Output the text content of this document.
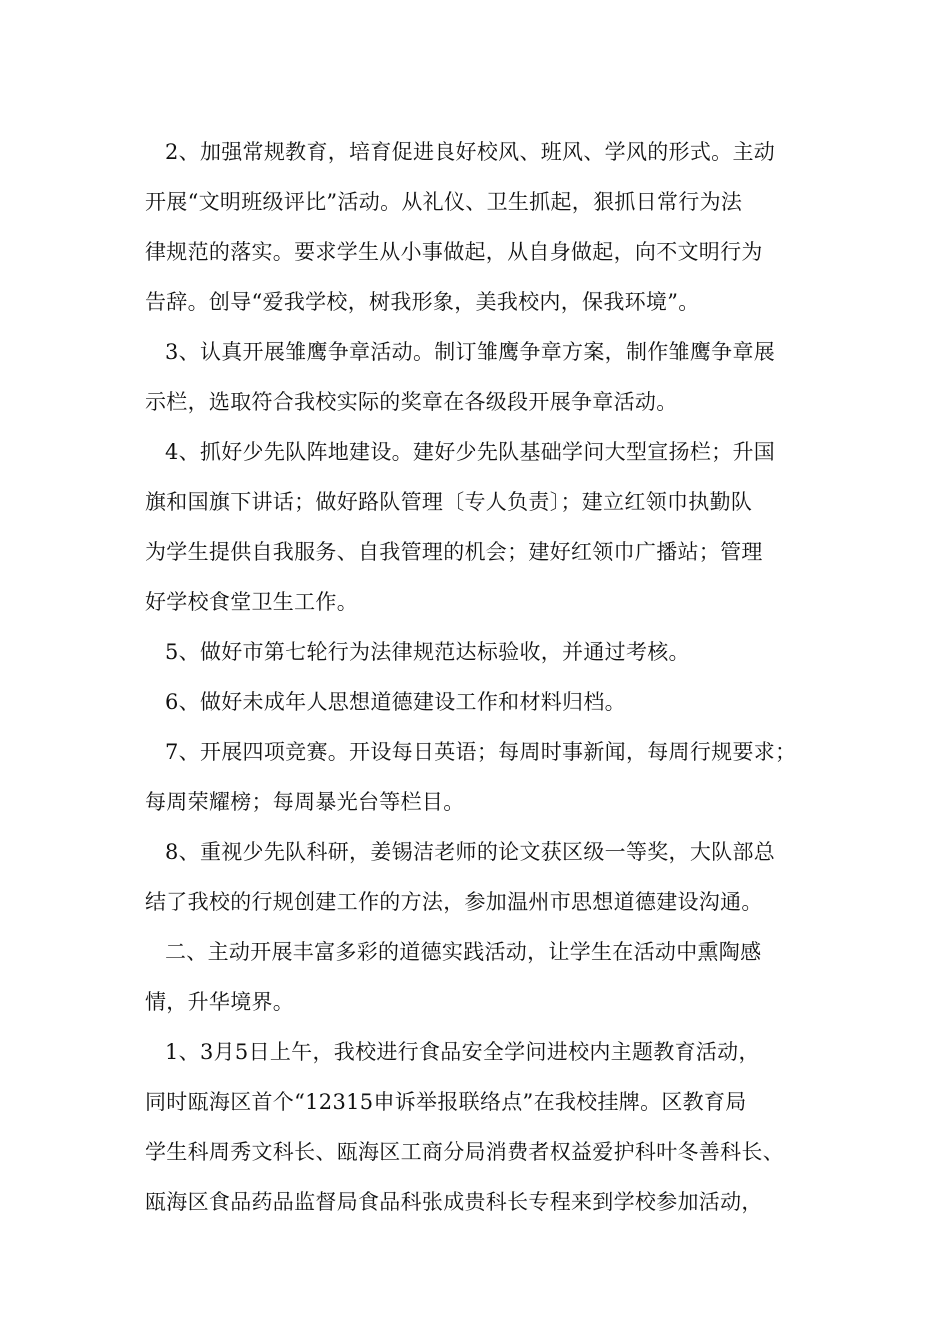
2、加强常规教育，培育促进良好校风、班风、学风的形式。主动
开展“文明班级评比”活动。从礼仪、卫生抓起，狠抓日常行为法
律规范的落实。要求学生从小事做起，从自身做起，向不文明行为
告辞。创导“爱我学校，树我形象，美我校内，保我环境”。
3、认真开展雏鹰争章活动。制订雏鹰争章方案，制作雏鹰争章展
示栏，选取符合我校实际的奖章在各级段开展争章活动。
4、抓好少先队阵地建设。建好少先队基础学问大型宣扬栏；升国
旗和国旗下讲话；做好路队管理〔专人负责〕；建立红领巾执勤队
为学生提供自我服务、自我管理的机会；建好红领巾广播站；管理
好学校食堂卫生工作。
5、做好市第七轮行为法律规范达标验收，并通过考核。
6、做好未成年人思想道德建设工作和材料归档。
7、开展四项竞赛。开设每日英语；每周时事新闻，每周行规要求；
每周荣耀榜；每周暴光台等栏目。
8、重视少先队科研，姜锡洁老师的论文获区级一等奖，大队部总
结了我校的行规创建工作的方法，参加温州市思想道德建设沟通。
二、主动开展丰富多彩的道德实践活动，让学生在活动中熏陶感
情，升华境界。
1、3月5日上午，我校进行食品安全学问进校内主题教育活动，
同时瓯海区首个“12315申诉举报联络点”在我校挂牌。区教育局
学生科周秀文科长、瓯海区工商分局消费者权益爱护科叶冬善科长、
瓯海区食品药品监督局食品科张成贵科长专程来到学校参加活动，
